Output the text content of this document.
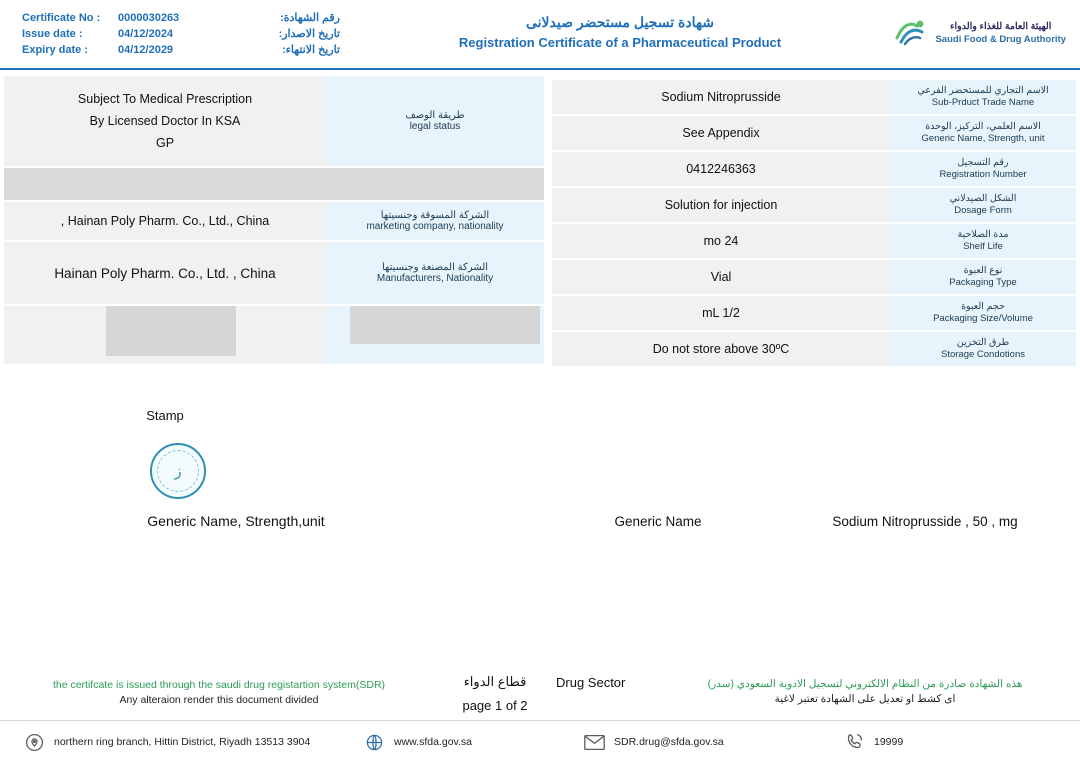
Certificate No :	0000030263	رقم الشهادة:
Issue date :	04/12/2024	تاريخ الاصدار:
Expiry date :	04/12/2029	تاريخ الانتهاء:
شهادة تسجيل مستحضر صيدلانى
Registration Certificate of a Pharmaceutical Product
الهيئة العامة للغذاء والدواء
Saudi Food & Drug Authority
Subject To Medical Prescription
By Licensed Doctor In KSA
GP
طريقة الوصف
legal status
, Hainan Poly Pharm. Co., Ltd., China	الشركة المسوقة وجنسيتها
marketing company, nationality
Hainan Poly Pharm. Co., Ltd. , China	الشركة المصنعة وجنسيتها
Manufacturers, Nationality
Sodium Nitroprusside	الاسم التجاري للمستحضر الفرعي
Sub-Prduct Trade Name
See Appendix	الاسم العلمي، التركيز، الوحدة
Generic Name, Strength, unit
0412246363	رقم التسجيل
Registration Number
Solution for injection	الشكل الصيدلاني
Dosage Form
mo 24	مدة الصلاحية
Shelf Life
Vial	نوع العبوة
Packaging Type
mL 1/2	حجم العبوة
Packaging Size/Volume
Do not store above 30ºC	طرق التخزين
Storage Condotions
Stamp
ز
Generic Name, Strength,unit	Generic Name	Sodium Nitroprusside , 50 , mg
the certifcate is issued through the saudi drug registartion system(SDR)
Any alteraion render this document divided
قطاع الدواء
page 1 of 2
Drug Sector	هذه الشهادة صادرة من النظام الالكتروني لتسجيل الادوية السعودي (سدر)
اى كشط او تعديل على الشهادة تعتبر لاغية
northern ring branch, Hittin District, Riyadh 13513 3904	www.sfda.gov.sa	SDR.drug@sfda.gov.sa	19999
